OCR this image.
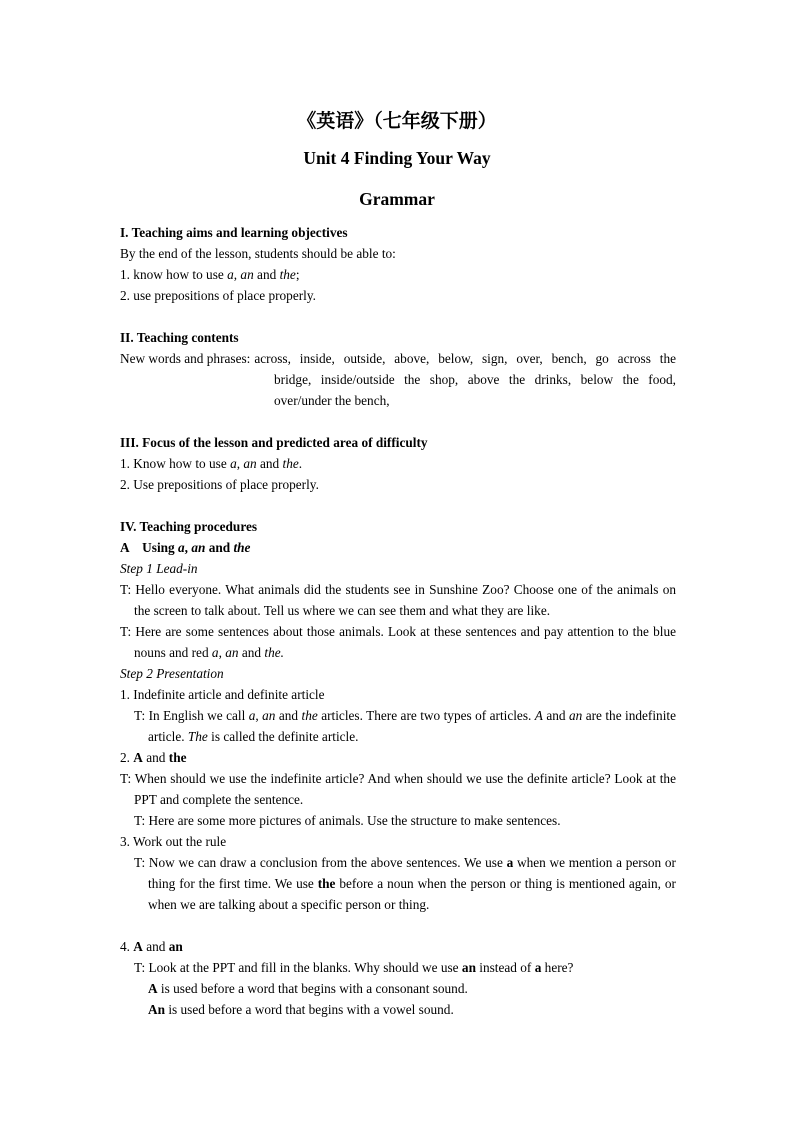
《英语》（七年级下册）
Unit 4 Finding Your Way
Grammar
I. Teaching aims and learning objectives
By the end of the lesson, students should be able to:
1. know how to use a, an and the;
2. use prepositions of place properly.
II. Teaching contents
New words and phrases: across, inside, outside, above, below, sign, over, bench, go across the
bridge, inside/outside the shop, above the drinks, below the food,
over/under the bench,
III. Focus of the lesson and predicted area of difficulty
1. Know how to use a, an and the.
2. Use prepositions of place properly.
IV. Teaching procedures
A    Using a, an and the
Step 1 Lead-in
T: Hello everyone. What animals did the students see in Sunshine Zoo? Choose one of the animals on the screen to talk about. Tell us where we can see them and what they are like.
T: Here are some sentences about those animals. Look at these sentences and pay attention to the blue nouns and red a, an and the.
Step 2 Presentation
1. Indefinite article and definite article
T: In English we call a, an and the articles. There are two types of articles. A and an are the indefinite article. The is called the definite article.
2. A and the
T: When should we use the indefinite article? And when should we use the definite article? Look at the PPT and complete the sentence.
T: Here are some more pictures of animals. Use the structure to make sentences.
3. Work out the rule
T: Now we can draw a conclusion from the above sentences. We use a when we mention a person or thing for the first time. We use the before a noun when the person or thing is mentioned again, or when we are talking about a specific person or thing.
4. A and an
T: Look at the PPT and fill in the blanks. Why should we use an instead of a here?
A is used before a word that begins with a consonant sound.
An is used before a word that begins with a vowel sound.
